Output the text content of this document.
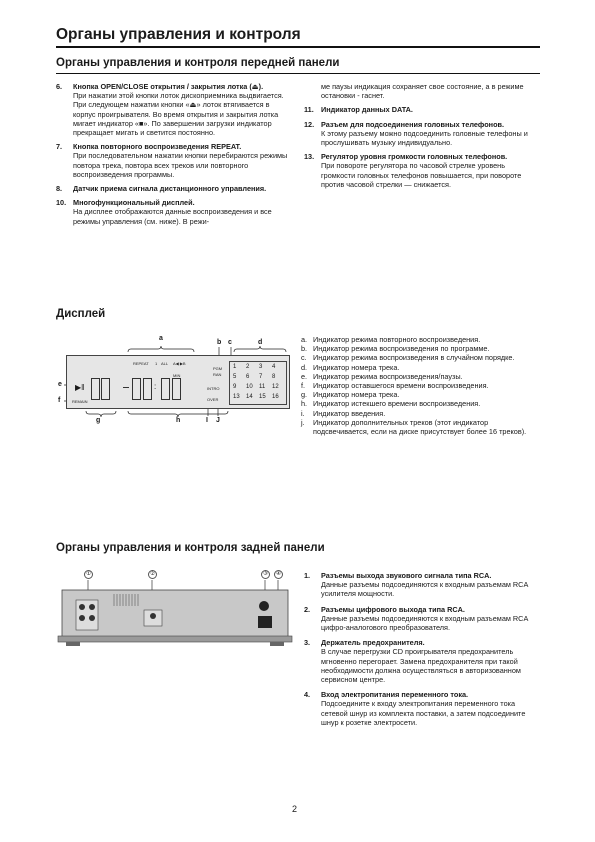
Органы управления и контроля
Органы управления и контроля передней панели
6.	Кнопка OPEN/CLOSE открытия / закрытия лотка (⏏).
При нажатии этой кнопки лоток дископриемника выдвигается. При следующем нажатии кнопки «⏏» лоток втягивается в корпус проигрывателя. Во время открытия и закрытия лотка мигает индикатор «■». По завершении загрузки индикатор прекращает мигать и светится постоянно.
7.	Кнопка повторного воспроизведения REPEAT.
При последовательном нажатии кнопки перебираются режимы повтора трека, повтора всех треков или повторного воспроизведения программы.
8.	Датчик приема сигнала дистанционного управления.
10. Многофункциональный дисплей.
На дисплее отображаются данные воспроизведения и все режимы управления (см. ниже). В режи-
ме паузы индикация сохраняет свое состояние, а в режиме остановки - гаснет.
11. Индикатор данных DATA.
12. Разъем для подсоединения головных телефонов.
К этому разъему можно подсоединить головные телефоны и прослушивать музыку индивидуально.
13. Регулятор уровня громкости головных телефонов.
При повороте регулятора по часовой стрелке уровень громкости головных телефонов повышается, при повороте против часовой стрелки — снижается.
Дисплей
a
b c	d
e
f
g	h	I J
REPEAT 1 ALL A◀ ▶B
PGM
RAN
MIN
INTRO
OVER
REMAIN
▶‖	:
1 2 3 4
5 6 7 8
9 10 11 12
13 14 15 16
a. Индикатор режима повторного воспроизведения.
b. Индикатор режима воспроизведения по программе.
c. Индикатор режима воспроизведения в случайном порядке.
d. Индикатор номера трека.
e. Индикатор режима воспроизведения/паузы.
f.	Индикатор оставшегося времени воспроизведения.
g. Индикатор номера трека.
h. Индикатор истекшего времени воспроизведения.
i.	Индикатор введения.
j.	Индикатор дополнительных треков (этот индикатор подсвечивается, если на диске присутствует более 16 треков).
Органы управления и контроля задней панели
①	②	③	④	1.	Разъемы выхода звукового сигнала типа RCA.
Данные разъемы подсоединяются к входным разъемам RCA усилителя мощности.
2.	Разъемы цифрового выхода типа RCA.
Данные разъемы подсоединяются к входным разъемам RCA цифро-аналогового преобразователя.
3.	Держатель предохранителя.
В случае перегрузки CD проигрывателя предохранитель мгновенно перегорает. Замена предохранителя при такой необходимости должна осуществляться в авторизованном сервисном центре.
4.	Вход электропитания переменного тока.
Подсоедините к входу электропитания переменного тока сетевой шнур из комплекта поставки, а затем подсоедините шнур к розетке электросети.
2
